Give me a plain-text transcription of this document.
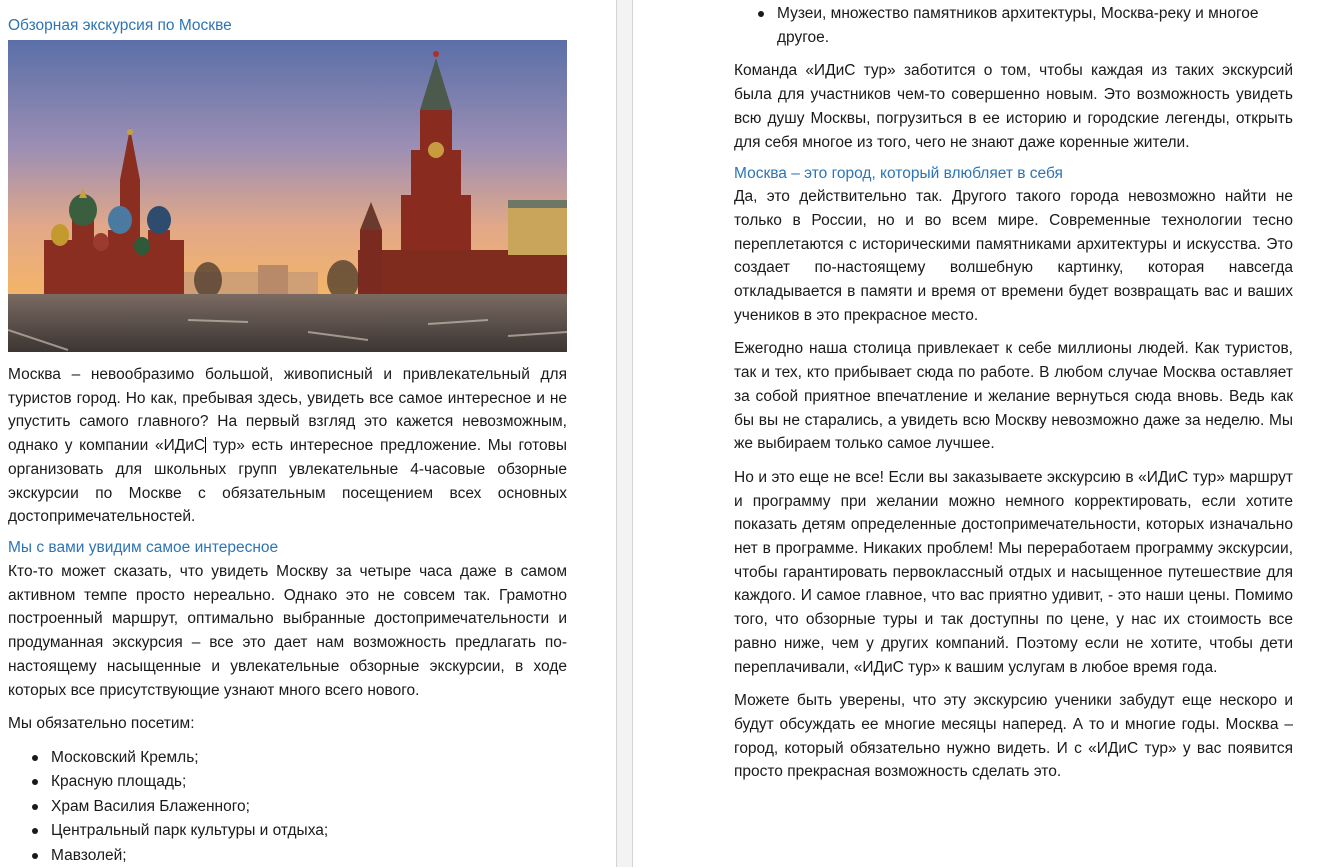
Обзорная экскурсия по Москве

Москва – невообразимо большой, живописный и привлекательный для туристов город. Но как, пребывая здесь, увидеть все самое интересное и не упустить самого главного? На первый взгляд это кажется невозможным, однако у компании «ИДиС тур» есть интересное предложение. Мы готовы организовать для школьных групп увлекательные 4-часовые обзорные экскурсии по Москве с обязательным посещением всех основных достопримечательностей.

Мы с вами увидим самое интересное

Кто-то может сказать, что увидеть Москву за четыре часа даже в самом активном темпе просто нереально. Однако это не совсем так. Грамотно построенный маршрут, оптимально выбранные достопримечательности и продуманная экскурсия – все это дает нам возможность предлагать по-настоящему насыщенные и увлекательные обзорные экскурсии, в ходе которых все присутствующие узнают много всего нового.

Мы обязательно посетим:

Московский Кремль;
Красную площадь;
Храм Василия Блаженного;
Центральный парк культуры и отдыха;
Мавзолей;
Музеи, множество памятников архитектуры, Москва-реку и многое другое.

Команда «ИДиС тур» заботится о том, чтобы каждая из таких экскурсий была для участников чем-то совершенно новым. Это возможность увидеть всю душу Москвы, погрузиться в ее историю и городские легенды, открыть для себя многое из того, чего не знают даже коренные жители.

Москва – это город, который влюбляет в себя

Да, это действительно так. Другого такого города невозможно найти не только в России, но и во всем мире. Современные технологии тесно переплетаются с историческими памятниками архитектуры и искусства. Это создает по-настоящему волшебную картинку, которая навсегда откладывается в памяти и время от времени будет возвращать вас и ваших учеников в это прекрасное место.

Ежегодно наша столица привлекает к себе миллионы людей. Как туристов, так и тех, кто прибывает сюда по работе. В любом случае Москва оставляет за собой приятное впечатление и желание вернуться сюда вновь. Ведь как бы вы не старались, а увидеть всю Москву невозможно даже за неделю. Мы же выбираем только самое лучшее.

Но и это еще не все! Если вы заказываете экскурсию в «ИДиС тур» маршрут и программу при желании можно немного корректировать, если хотите показать детям определенные достопримечательности, которых изначально нет в программе. Никаких проблем! Мы переработаем программу экскурсии, чтобы гарантировать первоклассный отдых и насыщенное путешествие для каждого. И самое главное, что вас приятно удивит, - это наши цены. Помимо того, что обзорные туры и так доступны по цене, у нас их стоимость все равно ниже, чем у других компаний. Поэтому если не хотите, чтобы дети переплачивали, «ИДиС тур» к вашим услугам в любое время года.

Можете быть уверены, что эту экскурсию ученики забудут еще нескоро и будут обсуждать ее многие месяцы наперед. А то и многие годы. Москва – город, который обязательно нужно видеть. И с «ИДиС тур» у вас появится просто прекрасная возможность сделать это.
